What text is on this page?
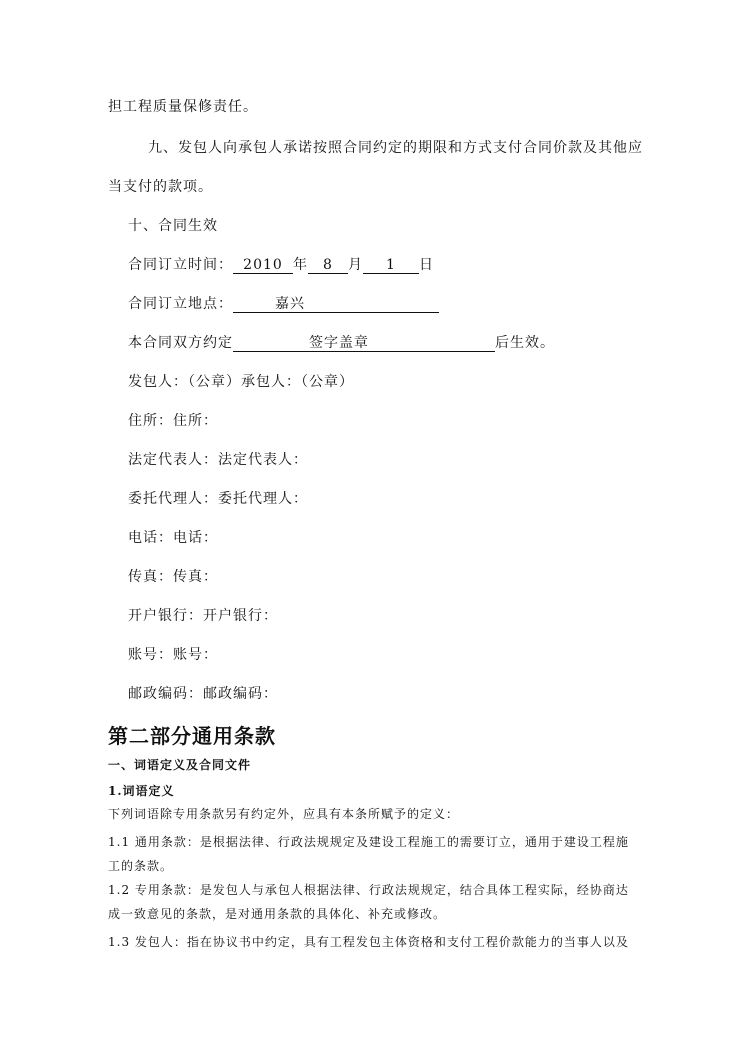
担工程质量保修责任。
九、发包人向承包人承诺按照合同约定的期限和方式支付合同价款及其他应
当支付的款项。
十、合同生效
合同订立时间： 2010 年 8 月 1 日
合同订立地点：	嘉兴
本合同双方约定	签字盖章	后生效。
发包人：（公章）承包人：（公章）
住所：住所：
法定代表人：法定代表人：
委托代理人：委托代理人：
电话：电话：
传真：传真：
开户银行：开户银行：
账号：账号：
邮政编码：邮政编码：
第二部分通用条款
一、词语定义及合同文件
1.词语定义
下列词语除专用条款另有约定外，应具有本条所赋予的定义：
1.1 通用条款：是根据法律、行政法规规定及建设工程施工的需要订立，通用于建设工程施
工的条款。
1.2 专用条款：是发包人与承包人根据法律、行政法规规定，结合具体工程实际，经协商达
成一致意见的条款，是对通用条款的具体化、补充或修改。
1.3 发包人：指在协议书中约定，具有工程发包主体资格和支付工程价款能力的当事人以及
